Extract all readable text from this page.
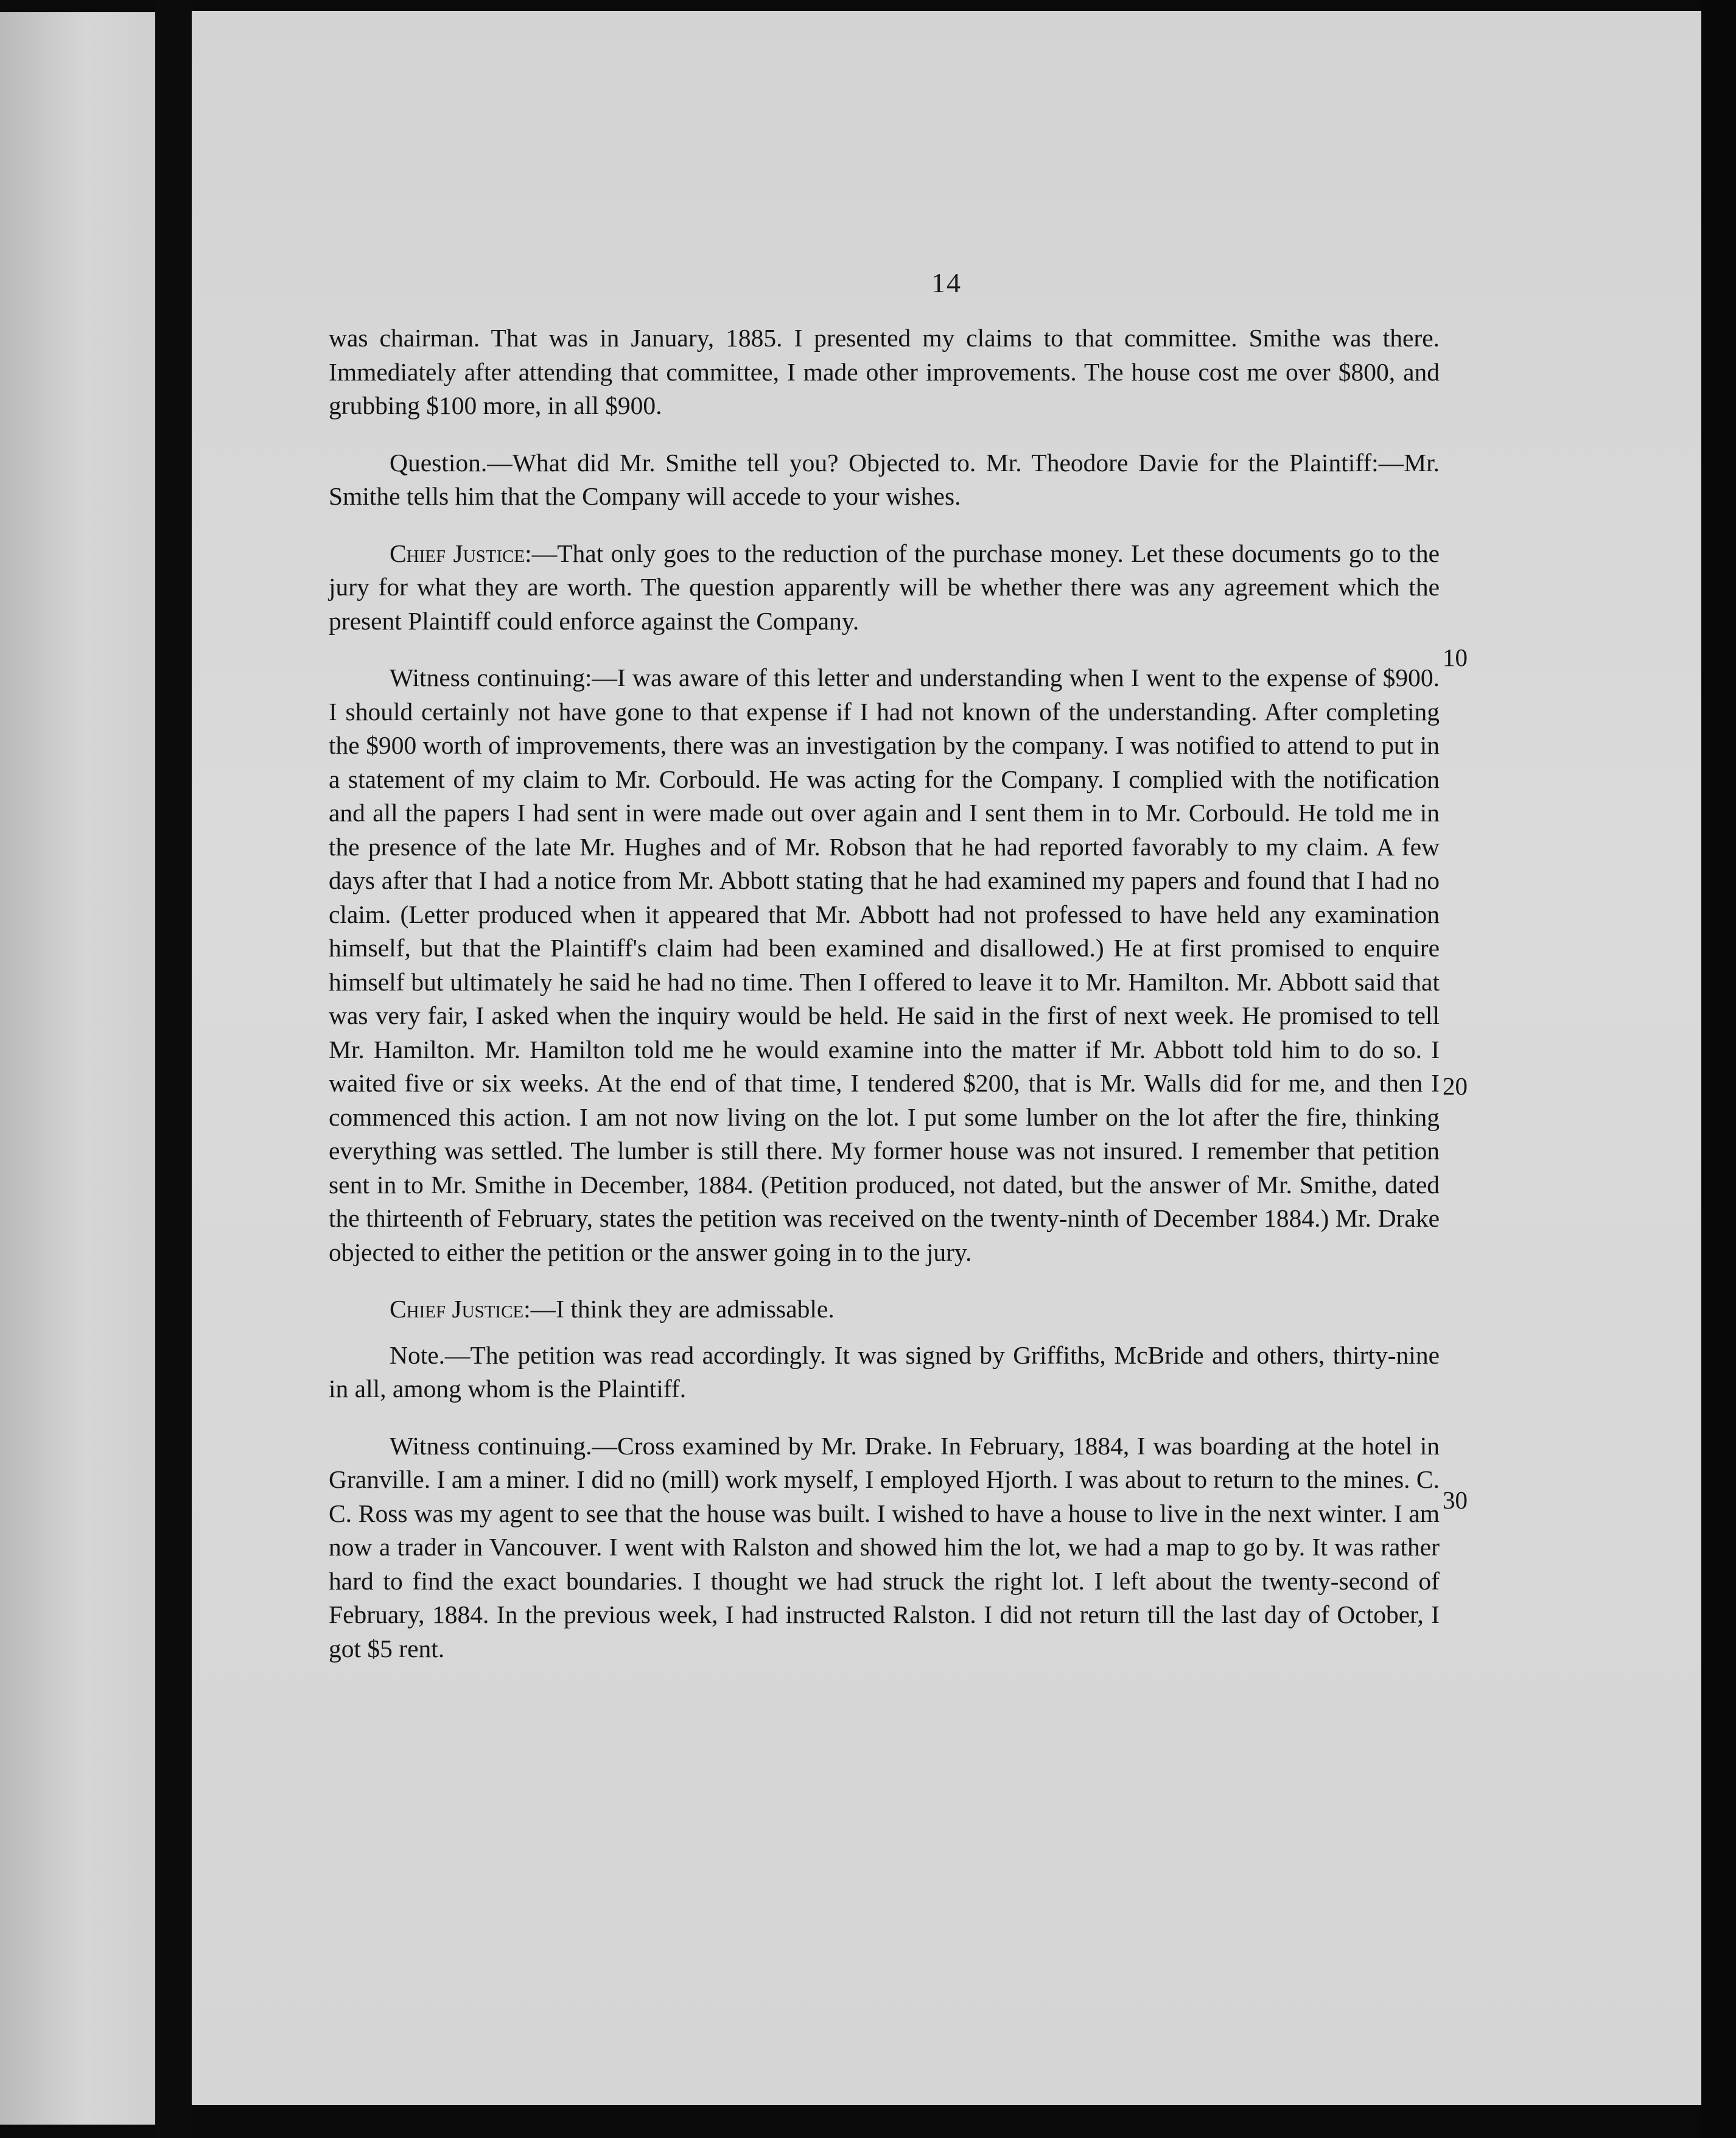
14

was chairman. That was in January, 1885. I presented my claims to that committee. Smithe was there. Immediately after attending that committee, I made other improvements. The house cost me over $800, and grubbing $100 more, in all $900.

Question.—What did Mr. Smithe tell you? Objected to. Mr. Theodore Davie for the Plaintiff:—Mr. Smithe tells him that the Company will accede to your wishes.

Chief Justice:—That only goes to the reduction of the purchase money. Let these documents go to the jury for what they are worth. The question apparently will be whether there was any agreement which the present Plaintiff could enforce against the Company.

Witness continuing:—I was aware of this letter and understanding when I went to the expense of $900. I should certainly not have gone to that expense if I had not known of the understanding. After completing the $900 worth of improvements, there was an investigation by the company. I was notified to attend to put in a statement of my claim to Mr. Corbould. He was acting for the Company. I complied with the notification and all the papers I had sent in were made out over again and I sent them in to Mr. Corbould. He told me in the presence of the late Mr. Hughes and of Mr. Robson that he had reported favorably to my claim. A few days after that I had a notice from Mr. Abbott stating that he had examined my papers and found that I had no claim. (Letter produced when it appeared that Mr. Abbott had not professed to have held any examination himself, but that the Plaintiff's claim had been examined and disallowed.) He at first promised to enquire himself but ultimately he said he had no time. Then I offered to leave it to Mr. Hamilton. Mr. Abbott said that was very fair, I asked when the inquiry would be held. He said in the first of next week. He promised to tell Mr. Hamilton. Mr. Hamilton told me he would examine into the matter if Mr. Abbott told him to do so. I waited five or six weeks. At the end of that time, I tendered $200, that is Mr. Walls did for me, and then I commenced this action. I am not now living on the lot. I put some lumber on the lot after the fire, thinking everything was settled. The lumber is still there. My former house was not insured. I remember that petition sent in to Mr. Smithe in December, 1884. (Petition produced, not dated, but the answer of Mr. Smithe, dated the thirteenth of February, states the petition was received on the twenty-ninth of December 1884.) Mr. Drake objected to either the petition or the answer going in to the jury.

Chief Justice:—I think they are admissable.

Note.—The petition was read accordingly. It was signed by Griffiths, McBride and others, thirty-nine in all, among whom is the Plaintiff.

Witness continuing.—Cross examined by Mr. Drake. In February, 1884, I was boarding at the hotel in Granville. I am a miner. I did no (mill) work myself, I employed Hjorth. I was about to return to the mines. C. C. Ross was my agent to see that the house was built. I wished to have a house to live in the next winter. I am now a trader in Vancouver. I went with Ralston and showed him the lot, we had a map to go by. It was rather hard to find the exact boundaries. I thought we had struck the right lot. I left about the twenty-second of February, 1884. In the previous week, I had instructed Ralston. I did not return till the last day of October, I got $5 rent.

10
20
30
